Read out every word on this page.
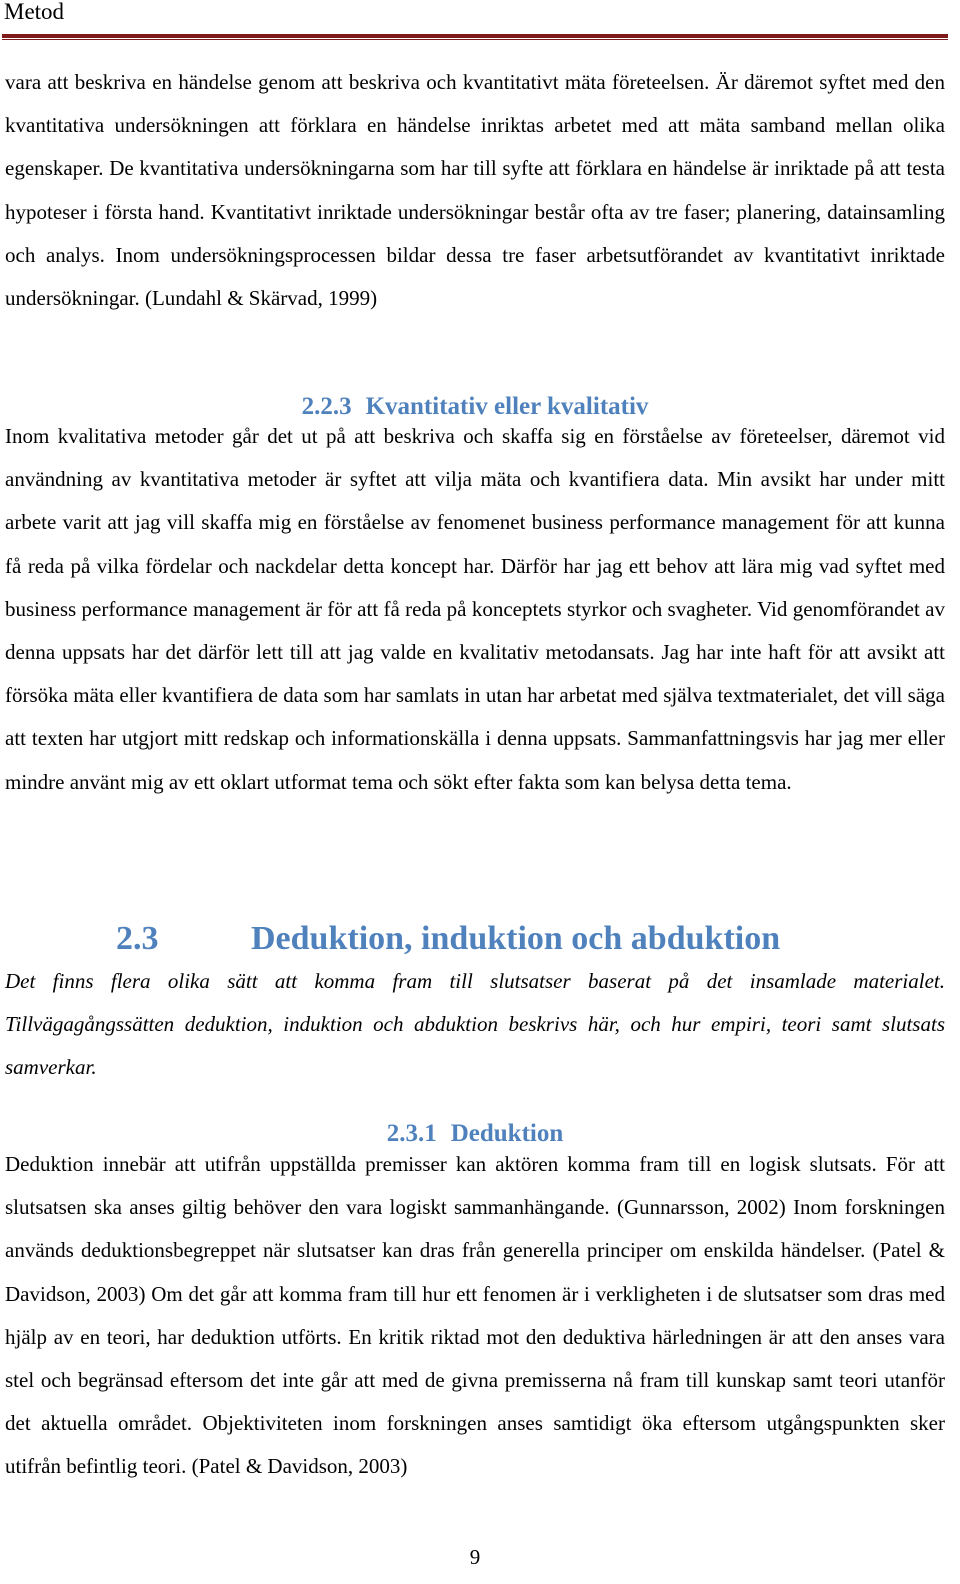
Metod

vara att beskriva en händelse genom att beskriva och kvantitativt mäta företeelsen. Är däremot syftet med den kvantitativa undersökningen att förklara en händelse inriktas arbetet med att mäta samband mellan olika egenskaper. De kvantitativa undersökningarna som har till syfte att förklara en händelse är inriktade på att testa hypoteser i första hand. Kvantitativt inriktade undersökningar består ofta av tre faser; planering, datainsamling och analys. Inom undersökningsprocessen bildar dessa tre faser arbetsutförandet av kvantitativt inriktade undersökningar. (Lundahl & Skärvad, 1999)

2.2.3 Kvantitativ eller kvalitativ

Inom kvalitativa metoder går det ut på att beskriva och skaffa sig en förståelse av företeelser, däremot vid användning av kvantitativa metoder är syftet att vilja mäta och kvantifiera data. Min avsikt har under mitt arbete varit att jag vill skaffa mig en förståelse av fenomenet business performance management för att kunna få reda på vilka fördelar och nackdelar detta koncept har. Därför har jag ett behov att lära mig vad syftet med business performance management är för att få reda på konceptets styrkor och svagheter. Vid genomförandet av denna uppsats har det därför lett till att jag valde en kvalitativ metodansats. Jag har inte haft för att avsikt att försöka mäta eller kvantifiera de data som har samlats in utan har arbetat med själva textmaterialet, det vill säga att texten har utgjort mitt redskap och informationskälla i denna uppsats. Sammanfattningsvis har jag mer eller mindre använt mig av ett oklart utformat tema och sökt efter fakta som kan belysa detta tema.

2.3	Deduktion, induktion och abduktion

Det finns flera olika sätt att komma fram till slutsatser baserat på det insamlade materialet. Tillvägagångssätten deduktion, induktion och abduktion beskrivs här, och hur empiri, teori samt slutsats samverkar.

2.3.1 Deduktion

Deduktion innebär att utifrån uppställda premisser kan aktören komma fram till en logisk slutsats. För att slutsatsen ska anses giltig behöver den vara logiskt sammanhängande. (Gunnarsson, 2002) Inom forskningen används deduktionsbegreppet när slutsatser kan dras från generella principer om enskilda händelser. (Patel & Davidson, 2003) Om det går att komma fram till hur ett fenomen är i verkligheten i de slutsatser som dras med hjälp av en teori, har deduktion utförts. En kritik riktad mot den deduktiva härledningen är att den anses vara stel och begränsad eftersom det inte går att med de givna premisserna nå fram till kunskap samt teori utanför det aktuella området. Objektiviteten inom forskningen anses samtidigt öka eftersom utgångspunkten sker utifrån befintlig teori. (Patel & Davidson, 2003)

9
